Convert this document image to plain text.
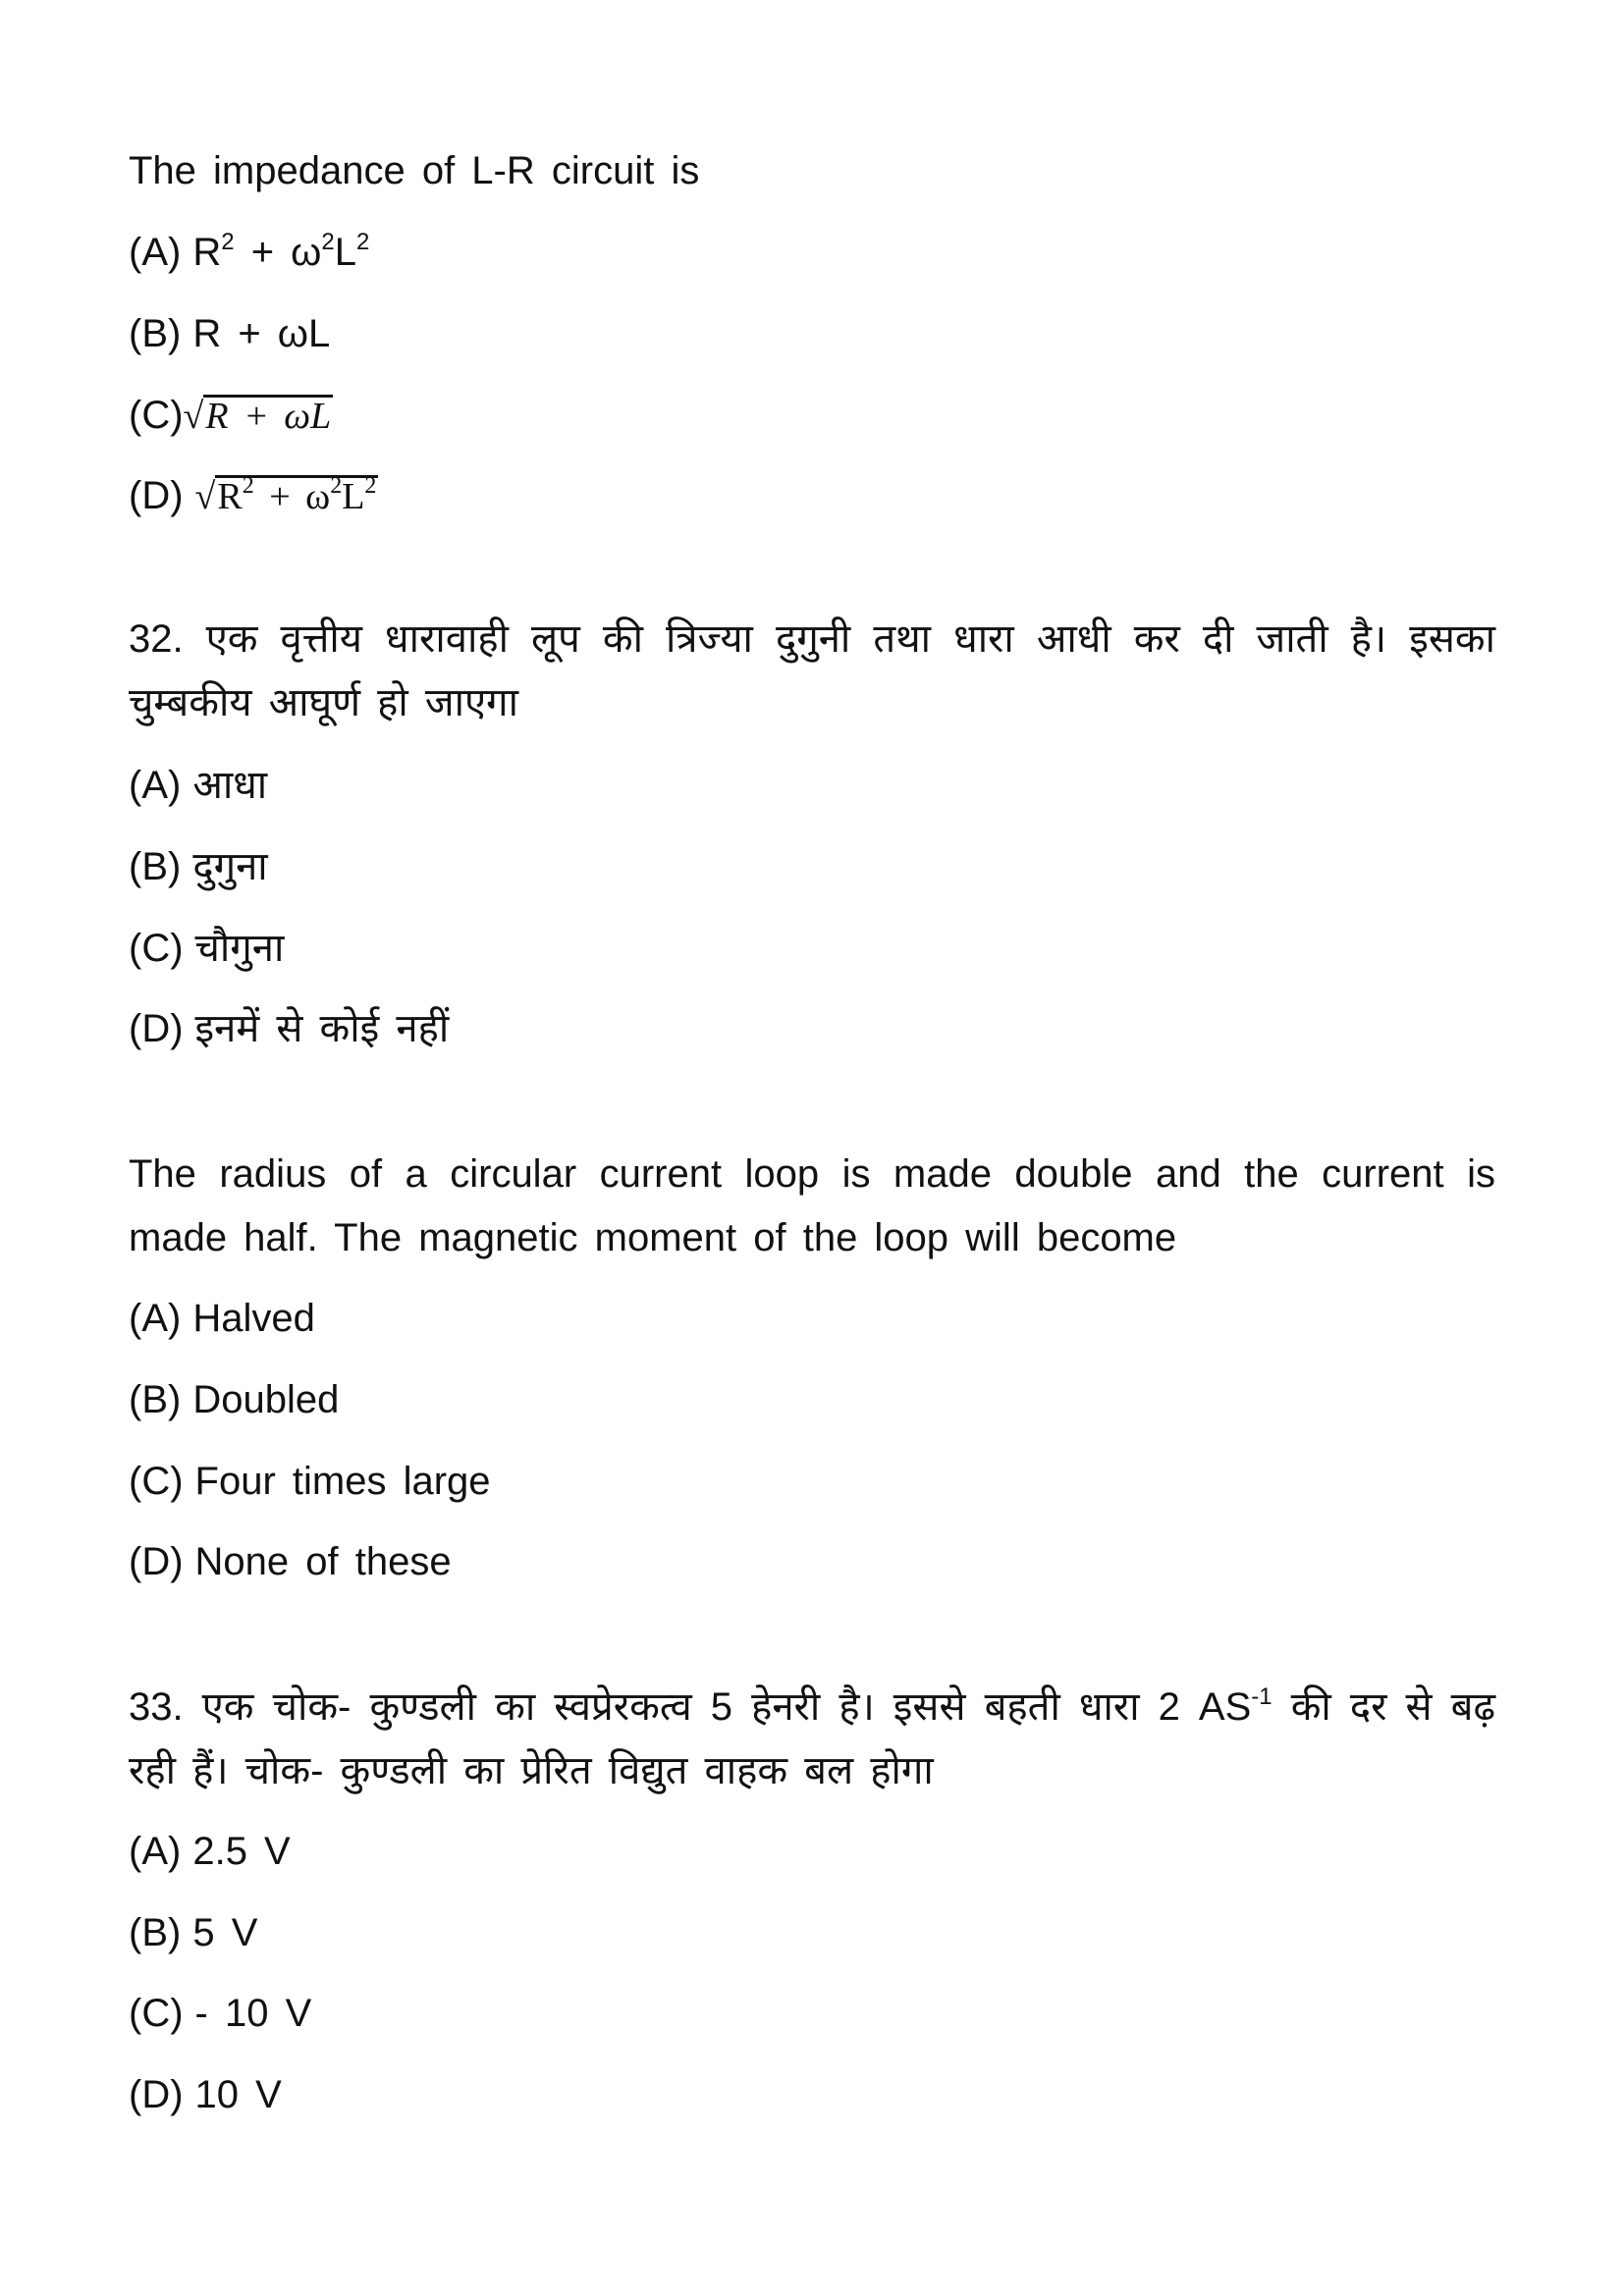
The impedance of L-R circuit is
(A) $R^2 + \omega^2L^2$
(B) R + ωL
(C)√R + ωL
(D) $√R^2 + \omega^2L^2$
32. एक वृत्तीय धारावाही लूप की त्रिज्या दुगुनी तथा धारा आधी कर दी जाती है। इसका चुम्बकीय आघूर्ण हो जाएगा
(A) आधा
(B) दुगुना
(C) चौगुना
(D) इनमें से कोई नहीं
The radius of a circular current loop is made double and the current is made half. The magnetic moment of the loop will become
(A) Halved
(B) Doubled
(C) Four times large
(D) None of these
33. एक चोक- कुण्डली का स्वप्रेरकत्व 5 हेनरी है। इससे बहती धारा 2 $AS^{-1}$ की दर से बढ़ रही हैं। चोक- कुण्डली का प्रेरित विद्युत वाहक बल होगा
(A) 2.5 V
(B) 5 V
(C) - 10 V
(D) 10 V
